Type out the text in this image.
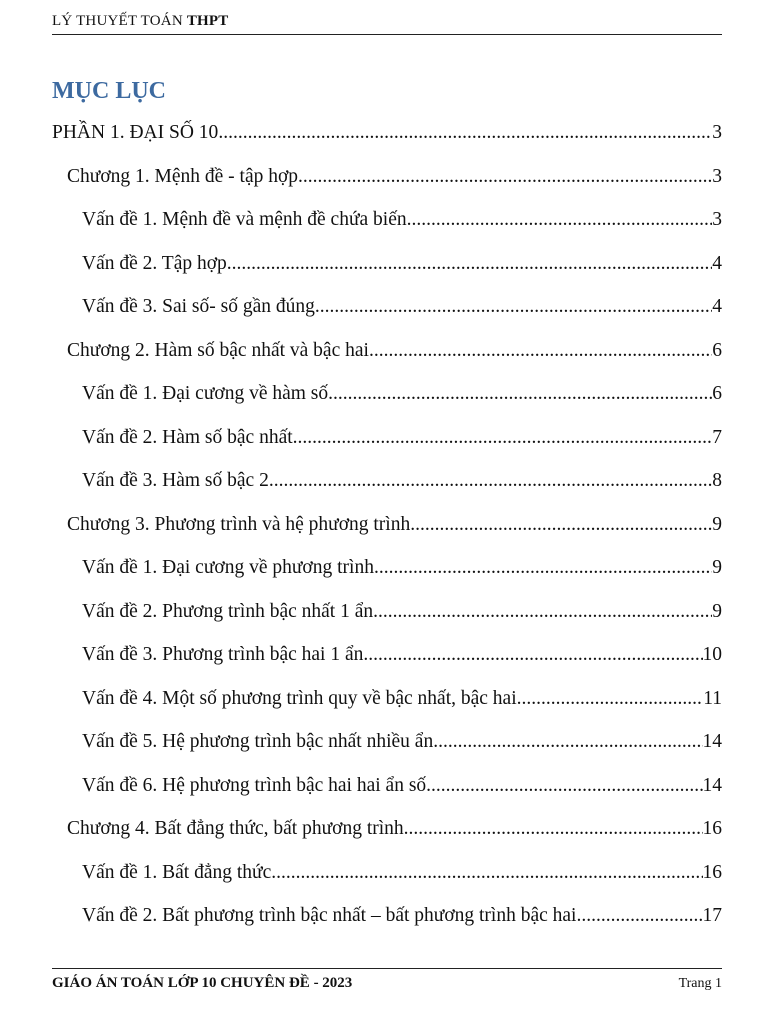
LÝ THUYẾT TOÁN THPT
MỤC LỤC
PHẦN 1. ĐẠI SỐ 10 .....	3
Chương 1. Mệnh đề - tập hợp .....	3
Vấn đề 1. Mệnh đề và mệnh đề chứa biến .....	3
Vấn đề 2. Tập hợp .....	4
Vấn đề 3. Sai số- số gần đúng .....	4
Chương 2. Hàm số bậc nhất và bậc hai .....	6
Vấn đề 1. Đại cương về hàm số .....	6
Vấn đề 2. Hàm số bậc nhất .....	7
Vấn đề 3. Hàm số bậc 2 .....	8
Chương 3. Phương trình và hệ phương trình .....	9
Vấn đề 1. Đại cương về phương trình .....	9
Vấn đề 2. Phương trình bậc nhất 1 ẩn .....	9
Vấn đề 3. Phương trình bậc hai 1 ẩn .....	10
Vấn đề 4. Một số phương trình quy về bậc nhất, bậc hai .....	11
Vấn đề 5. Hệ phương trình bậc nhất nhiều ẩn .....	14
Vấn đề 6. Hệ phương trình bậc hai hai ẩn số .....	14
Chương 4. Bất đẳng thức, bất phương trình .....	16
Vấn đề 1. Bất đẳng thức .....	16
Vấn đề 2. Bất phương trình bậc nhất – bất phương trình bậc hai .....	17
GIÁO ÁN TOÁN LỚP 10 CHUYÊN ĐỀ - 2023	Trang 1
